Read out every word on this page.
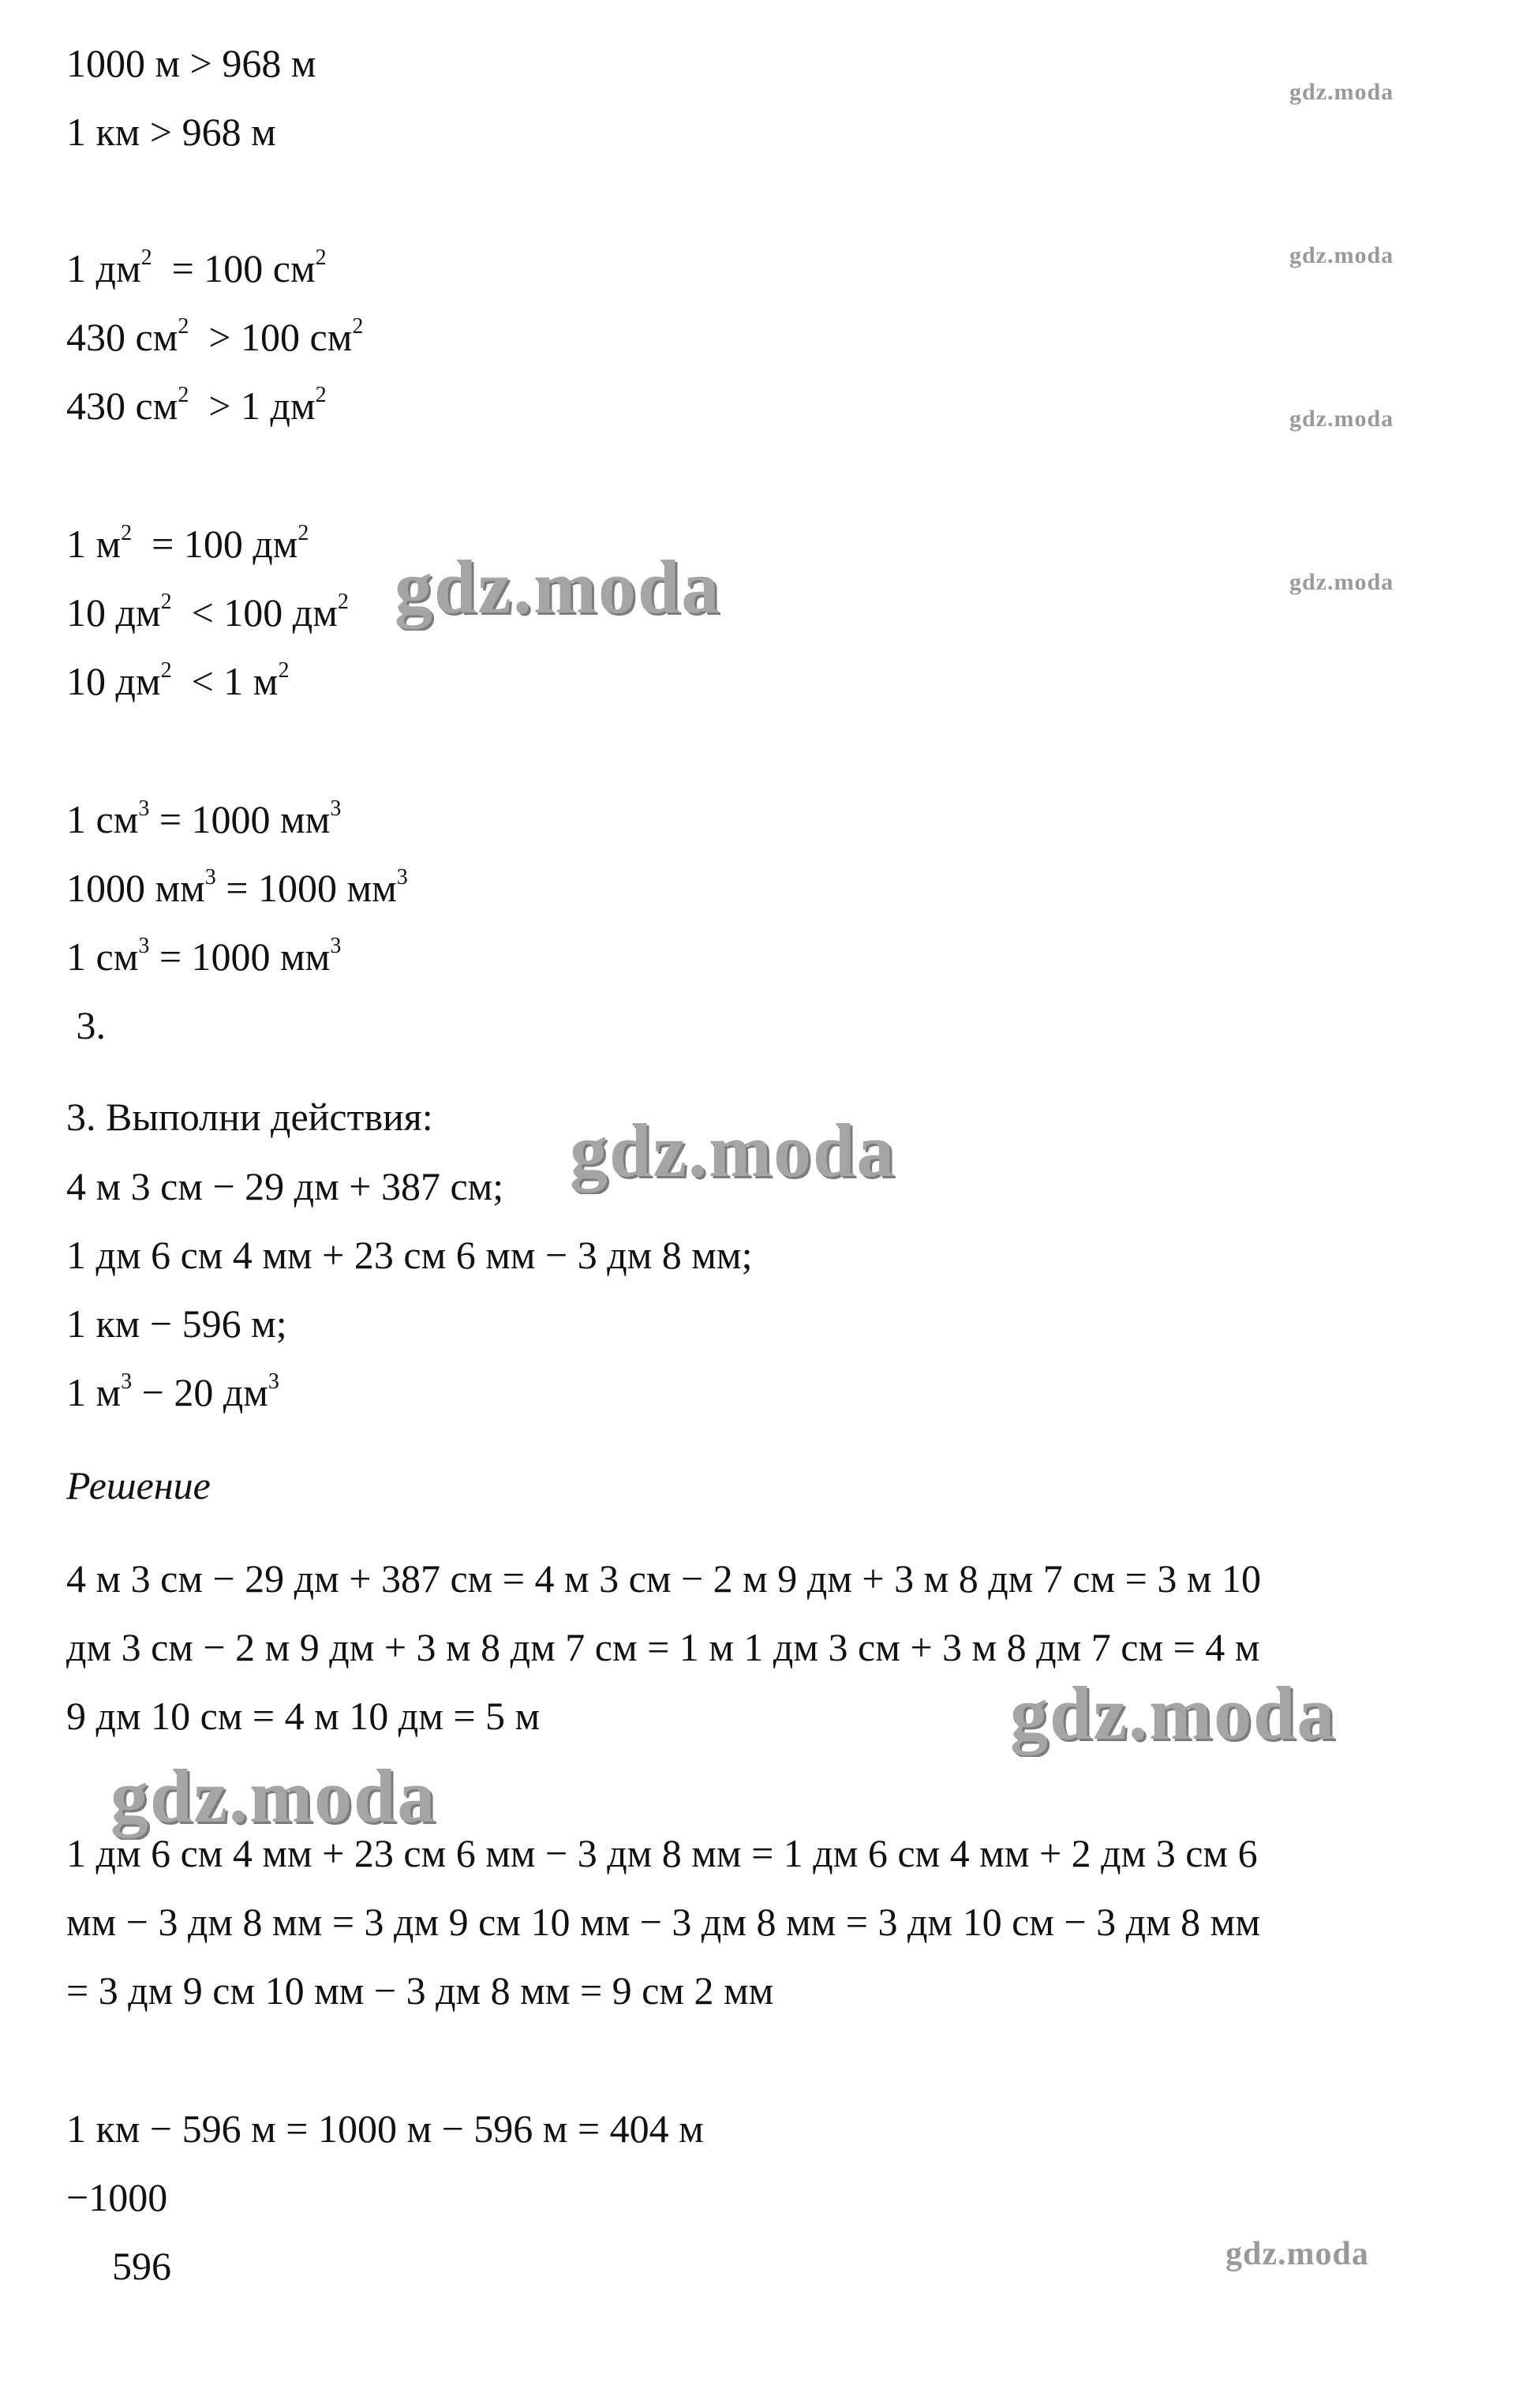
1000 м > 968 м
1 км > 968 м
1 $дм^2 = 100$ $см^2$
430 $см^2 > 100$ $см^2$
430 $см^2 > 1$ $дм^2$
1 $м^2 = 100$ $дм^2$
10 $дм^2 < 100$ $дм^2$
10 $дм^2 < 1$ $м^2$
1 $см^3 = 1000$ $мм^3$
1000 $мм^3 = 1000$ $мм^3$
1 $см^3 = 1000$ $мм^3$
3.
3. Выполни действия:
4 м 3 см − 29 дм + 387 см;
1 дм 6 см 4 мм + 23 см 6 мм − 3 дм 8 мм;
1 км − 596 м;
1 $м^3 - 20$ $дм^3$
Решение
4 м 3 см − 29 дм + 387 см = 4 м 3 см − 2 м 9 дм + 3 м 8 дм 7 см = 3 м 10
дм 3 см − 2 м 9 дм + 3 м 8 дм 7 см = 1 м 1 дм 3 см + 3 м 8 дм 7 см = 4 м
9 дм 10 см = 4 м 10 дм = 5 м
1 дм 6 см 4 мм + 23 см 6 мм − 3 дм 8 мм = 1 дм 6 см 4 мм + 2 дм 3 см 6
мм − 3 дм 8 мм = 3 дм 9 см 10 мм − 3 дм 8 мм = 3 дм 10 см − 3 дм 8 мм
= 3 дм 9 см 10 мм − 3 дм 8 мм = 9 см 2 мм
1 км − 596 м = 1000 м − 596 м = 404 м
−1000
596
gdz.moda
gdz.moda
gdz.moda
gdz.moda
gdz.moda
gdz.moda
gdz.moda
gdz.moda
gdz.moda
